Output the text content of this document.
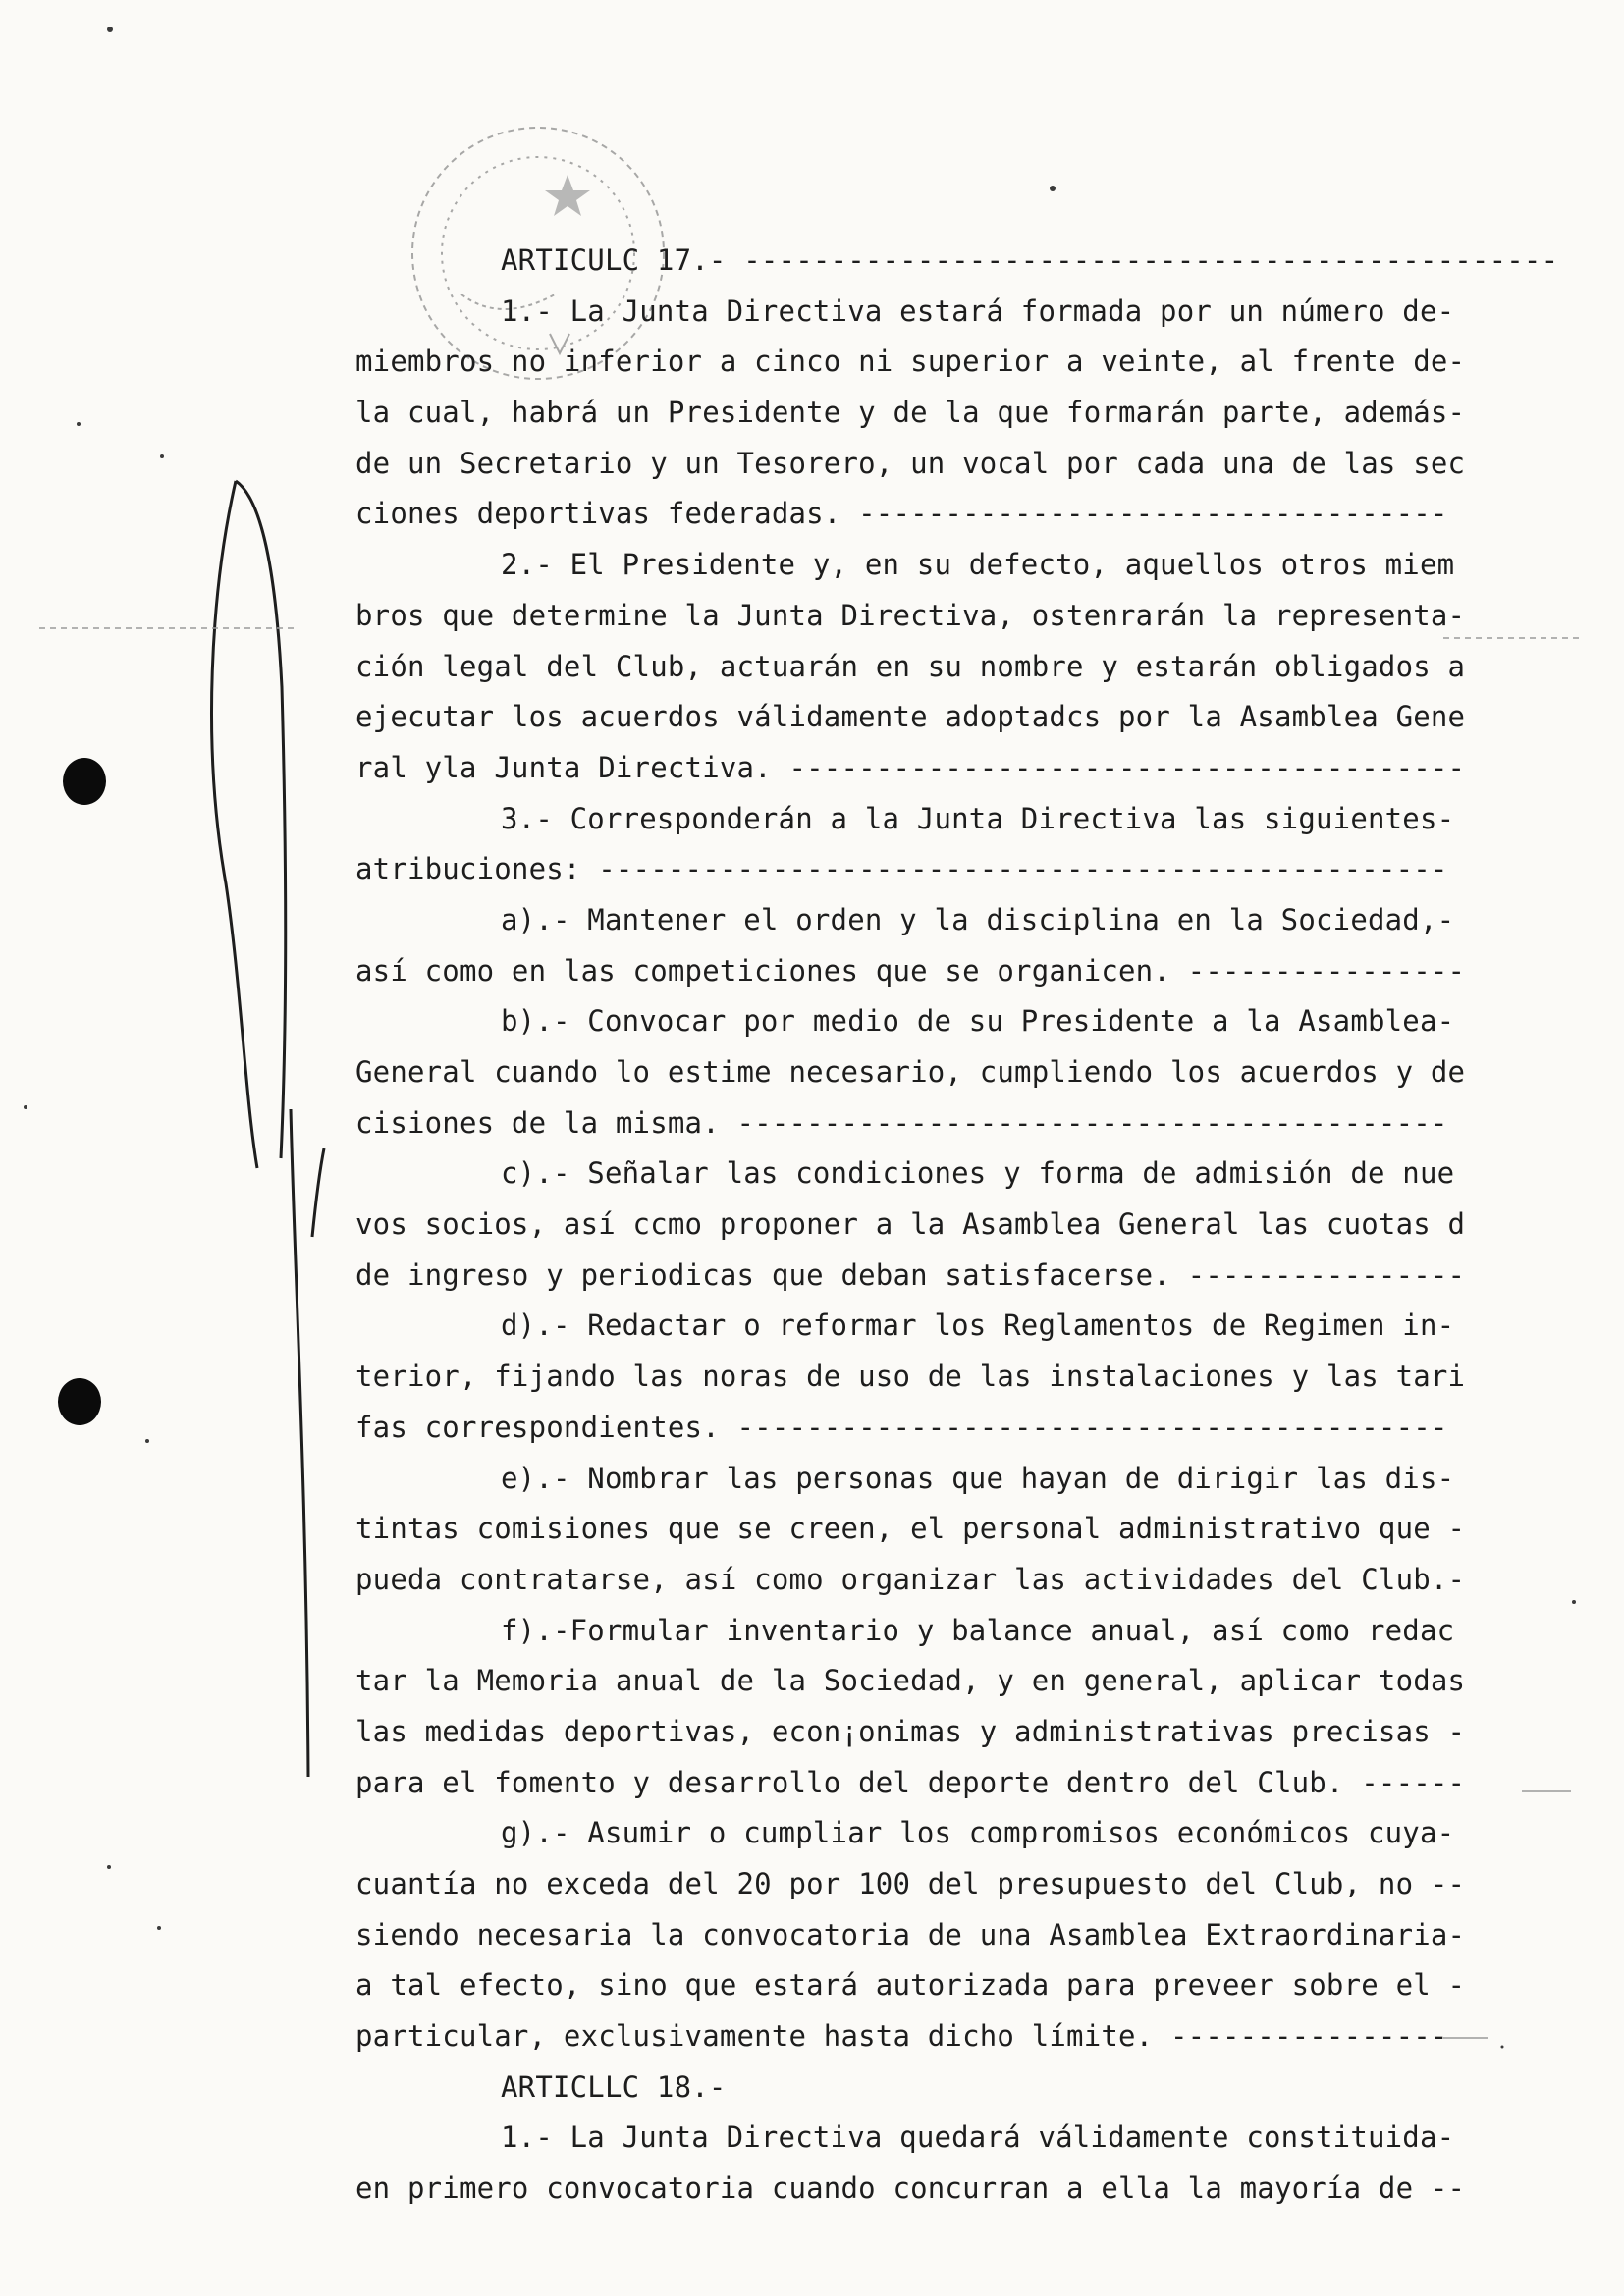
ARTICULC 17.- -----------------------------------------------
1.- La Junta Directiva estará formada por un número de-
miembros no inferior a cinco ni superior a veinte, al frente de-
la cual, habrá un Presidente y de la que formarán parte, además-
de un Secretario y un Tesorero, un vocal por cada una de las sec
ciones deportivas federadas. ----------------------------------
2.- El Presidente y, en su defecto, aquellos otros miem
bros que determine la Junta Directiva, ostenrarán la representa-
ción legal del Club, actuarán en su nombre y estarán obligados a
ejecutar los acuerdos válidamente adoptadcs por la Asamblea Gene
ral yla Junta Directiva. ---------------------------------------
3.- Corresponderán a la Junta Directiva las siguientes-
atribuciones: -------------------------------------------------
a).- Mantener el orden y la disciplina en la Sociedad,-
así como en las competiciones que se organicen. ----------------
b).- Convocar por medio de su Presidente a la Asamblea-
General cuando lo estime necesario, cumpliendo los acuerdos y de
cisiones de la misma. -----------------------------------------
c).- Señalar las condiciones y forma de admisión de nue
vos socios, así ccmo proponer a la Asamblea General las cuotas d
de ingreso y periodicas que deban satisfacerse. ----------------
d).- Redactar o reformar los Reglamentos de Regimen in-
terior, fijando las noras de uso de las instalaciones y las tari
fas correspondientes. -----------------------------------------
e).- Nombrar las personas que hayan de dirigir las dis-
tintas comisiones que se creen, el personal administrativo que -
pueda contratarse, así como organizar las actividades del Club.-
f).-Formular inventario y balance anual, así como redac
tar la Memoria anual de la Sociedad, y en general, aplicar todas
las medidas deportivas, econ¡onimas y administrativas precisas -
para el fomento y desarrollo del deporte dentro del Club. ------
g).- Asumir o cumpliar los compromisos económicos cuya-
cuantía no exceda del 20 por 100 del presupuesto del Club, no --
siendo necesaria la convocatoria de una Asamblea Extraordinaria-
a tal efecto, sino que estará autorizada para preveer sobre el -
particular, exclusivamente hasta dicho límite. ----------------
ARTICLLC 18.-
1.- La Junta Directiva quedará válidamente constituida-
en primero convocatoria cuando concurran a ella la mayoría de --
